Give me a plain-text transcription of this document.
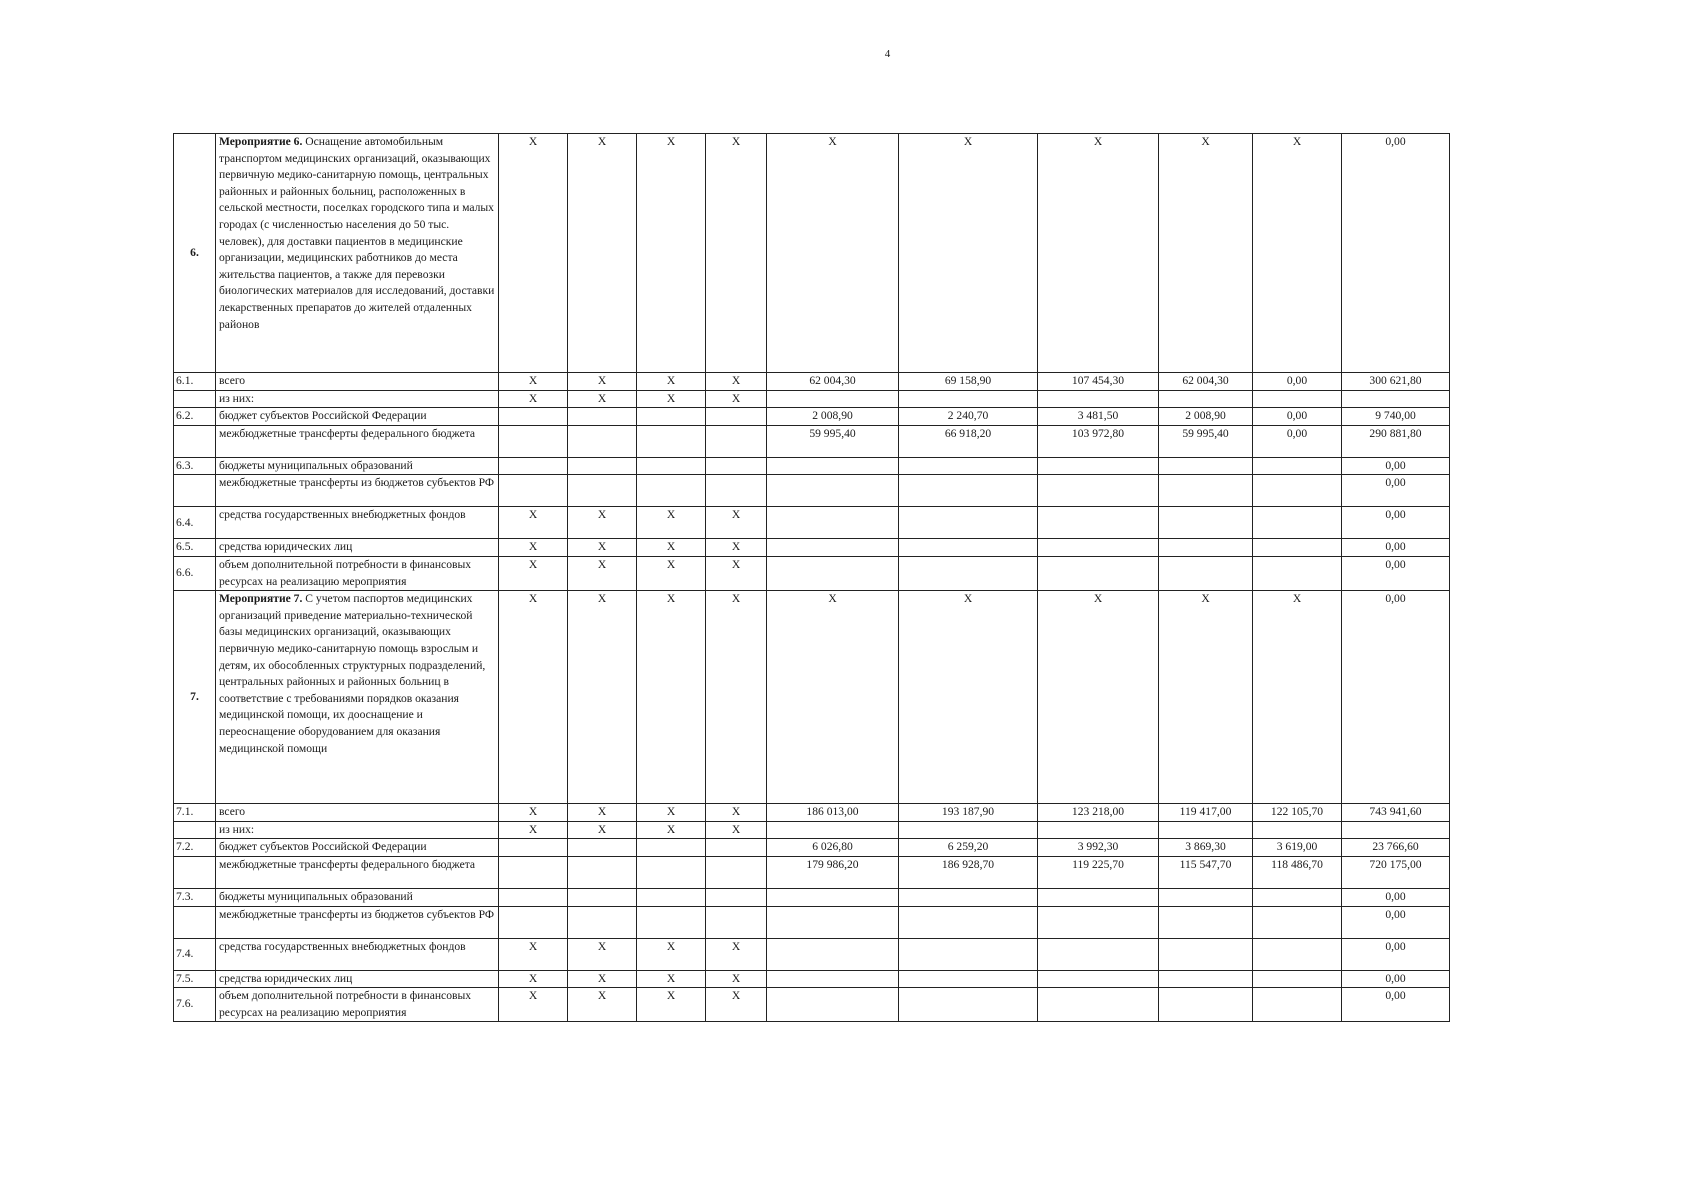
4
6.	Мероприятие 6. Оснащение автомобильным транспортом медицинских организаций, оказывающих первичную медико-санитарную помощь, центральных районных и районных больниц, расположенных в сельской местности, поселках городского типа и малых городах (с численностью населения до 50 тыс. человек), для доставки пациентов в медицинские организации, медицинских работников до места жительства пациентов, а также для перевозки биологических материалов для исследований, доставки лекарственных препаратов до жителей отдаленных районов	X	X	X	X	X	X	X	X	X	0,00
6.1.	всего	X	X	X	X	62 004,30	69 158,90	107 454,30	62 004,30	0,00	300 621,80
	из них:	X	X	X	X						
6.2.	бюджет субъектов Российской Федерации					2 008,90	2 240,70	3 481,50	2 008,90	0,00	9 740,00
	межбюджетные трансферты федерального бюджета					59 995,40	66 918,20	103 972,80	59 995,40	0,00	290 881,80
6.3.	бюджеты муниципальных образований										0,00
	межбюджетные трансферты из бюджетов субъектов РФ										0,00
6.4.	средства государственных внебюджетных фондов	X	X	X	X						0,00
6.5.	средства юридических лиц	X	X	X	X						0,00
6.6.	объем дополнительной потребности в финансовых ресурсах на реализацию мероприятия	X	X	X	X						0,00
7.	Мероприятие 7. С учетом паспортов медицинских организаций приведение материально-технической базы медицинских организаций, оказывающих первичную медико-санитарную помощь взрослым и детям, их обособленных структурных подразделений, центральных районных и районных больниц в соответствие с требованиями порядков оказания медицинской помощи, их дооснащение и переоснащение оборудованием для оказания медицинской помощи	X	X	X	X	X	X	X	X	X	0,00
7.1.	всего	X	X	X	X	186 013,00	193 187,90	123 218,00	119 417,00	122 105,70	743 941,60
	из них:	X	X	X	X						
7.2.	бюджет субъектов Российской Федерации					6 026,80	6 259,20	3 992,30	3 869,30	3 619,00	23 766,60
	межбюджетные трансферты федерального бюджета					179 986,20	186 928,70	119 225,70	115 547,70	118 486,70	720 175,00
7.3.	бюджеты муниципальных образований										0,00
	межбюджетные трансферты из бюджетов субъектов РФ										0,00
7.4.	средства государственных внебюджетных фондов	X	X	X	X						0,00
7.5.	средства юридических лиц	X	X	X	X						0,00
7.6.	объем дополнительной потребности в финансовых ресурсах на реализацию мероприятия	X	X	X	X						0,00
